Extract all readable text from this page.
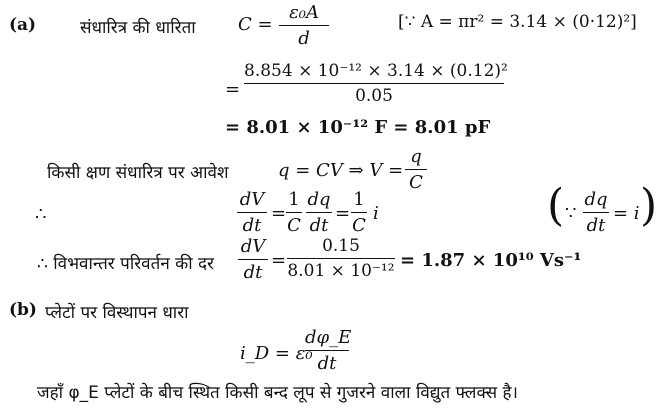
(a)	संधारित्र की धारिता C =
ε₀A
d
[∵ A = πr² = 3.14 × (0·12)²]
=
8.854 × 10⁻¹² × 3.14 × (0.12)²
0.05
= 8.01 × 10⁻¹² F = 8.01 pF
किसी क्षण संधारित्र पर आवेश	q = CV ⇒ V =
q
C
∴
dV
dt
=
1
C
dq
dt
=
1
C
i	( ∵
dq
dt
= i )
∴ विभवान्तर परिवर्तन की दर
dV
dt
=
0.15
8.01 × 10⁻¹² = 1.87 × 10¹⁰ Vs⁻¹
(b) प्लेटों पर विस्थापन धारा
i_D = ε₀
dφ_E
dt
जहाँ φ_E प्लेटों के बीच स्थित किसी बन्द लूप से गुजरने वाला विद्युत फ्लक्स है।
